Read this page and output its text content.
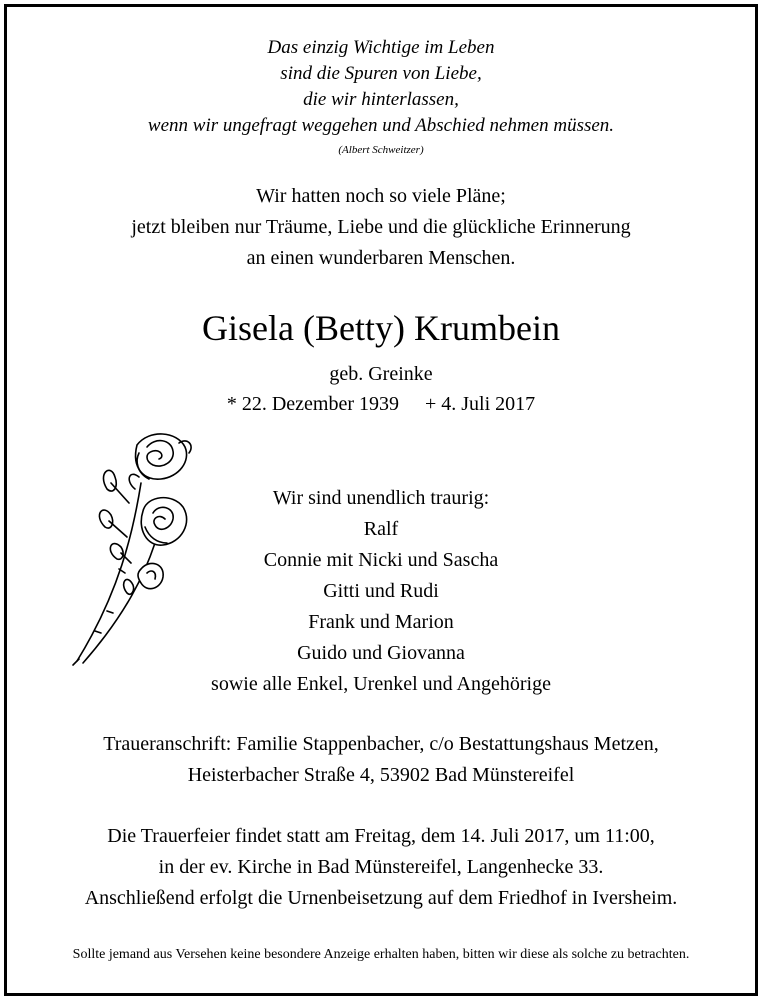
Das einzig Wichtige im Leben
sind die Spuren von Liebe,
die wir hinterlassen,
wenn wir ungefragt weggehen und Abschied nehmen müssen.
(Albert Schweitzer)
Wir hatten noch so viele Pläne;
jetzt bleiben nur Träume, Liebe und die glückliche Erinnerung
an einen wunderbaren Menschen.
Gisela (Betty) Krumbein
geb. Greinke
* 22. Dezember 1939 + 4. Juli 2017
Wir sind unendlich traurig:
Ralf
Connie mit Nicki und Sascha
Gitti und Rudi
Frank und Marion
Guido und Giovanna
sowie alle Enkel, Urenkel und Angehörige
Traueranschrift: Familie Stappenbacher, c/o Bestattungshaus Metzen,
Heisterbacher Straße 4, 53902 Bad Münstereifel
Die Trauerfeier findet statt am Freitag, dem 14. Juli 2017, um 11:00,
in der ev. Kirche in Bad Münstereifel, Langenhecke 33.
Anschließend erfolgt die Urnenbeisetzung auf dem Friedhof in Iversheim.
Sollte jemand aus Versehen keine besondere Anzeige erhalten haben, bitten wir diese als solche zu betrachten.
